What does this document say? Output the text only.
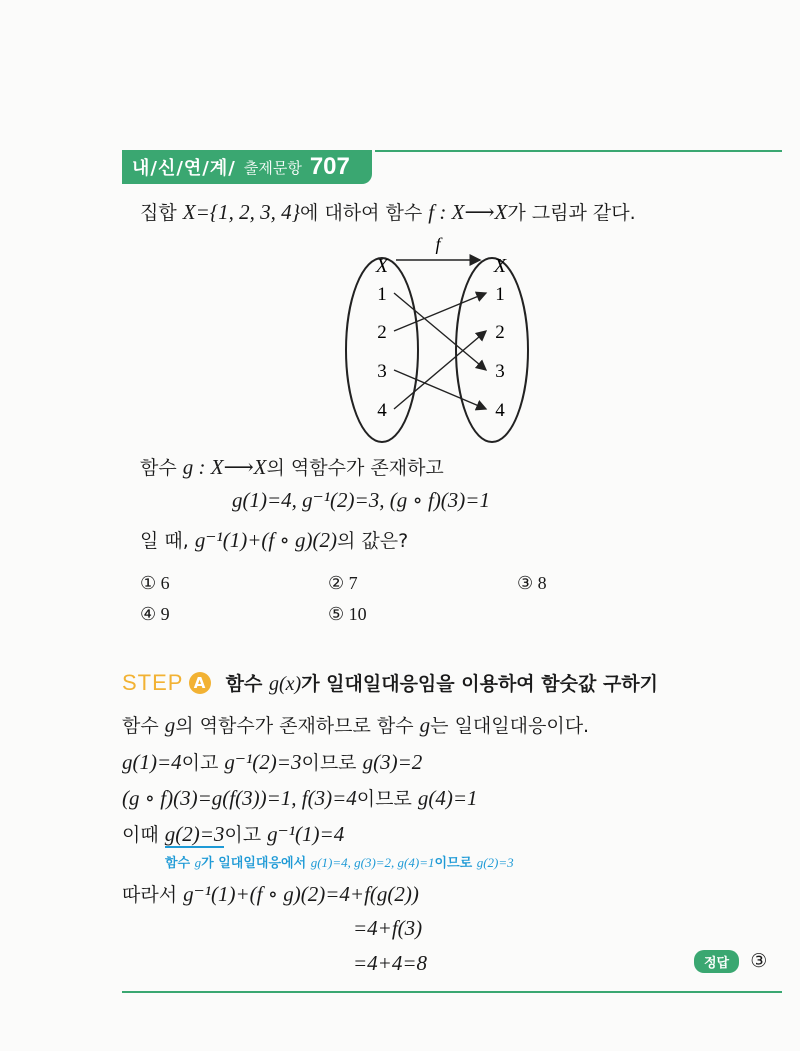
내/신/연/계/ 출제문항 707
집합 X={1, 2, 3, 4}에 대하여 함수 f : X⟶X가 그림과 같다.
X	X
f
1
2
3
4
1
2
3
4
함수 g : X⟶X의 역함수가 존재하고
g(1)=4, g⁻¹(2)=3, (g ∘ f)(3)=1
일 때, g⁻¹(1)+(f ∘ g)(2)의 값은?
① 6	② 7	③ 8
④ 9	⑤ 10
STEP A 함수 g(x)가 일대일대응임을 이용하여 함숫값 구하기
함수 g의 역함수가 존재하므로 함수 g는 일대일대응이다.
g(1)=4이고 g⁻¹(2)=3이므로 g(3)=2
(g ∘ f)(3)=g(f(3))=1, f(3)=4이므로 g(4)=1
이때 g(2)=3이고 g⁻¹(1)=4
함수 g가 일대일대응에서 g(1)=4, g(3)=2, g(4)=1이므로 g(2)=3
따라서 g⁻¹(1)+(f ∘ g)(2)=4+f(g(2))
=4+f(3)
=4+4=8	정답 ③
